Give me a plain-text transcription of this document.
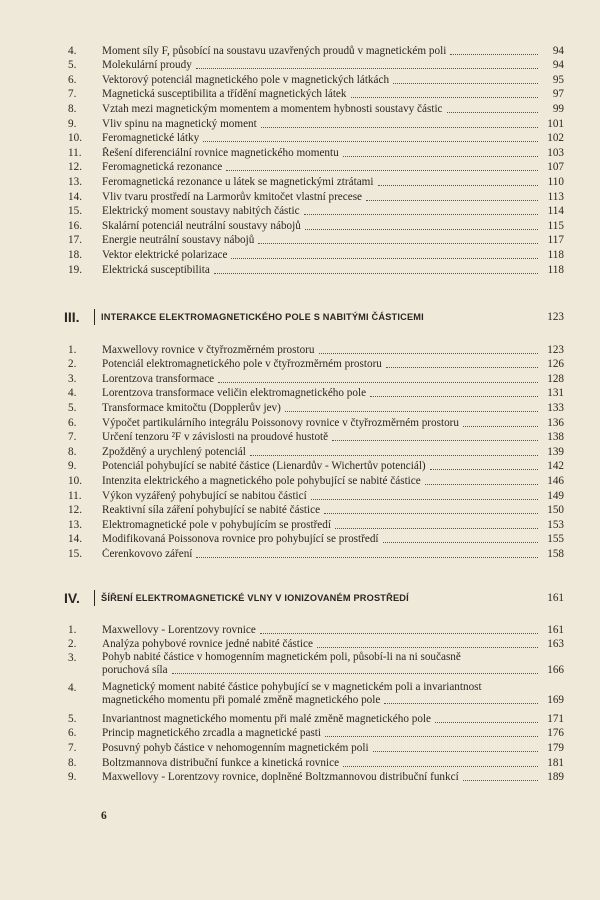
4.	Moment síly F, působící na soustavu uzavřených proudů v magnetickém poli	94
5.	Molekulární proudy	94
6.	Vektorový potenciál magnetického pole v magnetických látkách	95
7.	Magnetická susceptibilita a třídění magnetických látek	97
8.	Vztah mezi magnetickým momentem a momentem hybnosti soustavy částic	99
9.	Vliv spinu na magnetický moment	101
10.	Feromagnetické látky	102
11.	Řešení diferenciální rovnice magnetického momentu	103
12.	Feromagnetická rezonance	107
13.	Feromagnetická rezonance u látek se magnetickými ztrátami	110
14.	Vliv tvaru prostředí na Larmorův kmitočet vlastní precese	113
15.	Elektrický moment soustavy nabitých částic	114
16.	Skalární potenciál neutrální soustavy nábojů	115
17.	Energie neutrální soustavy nábojů	117
18.	Vektor elektrické polarizace	118
19.	Elektrická susceptibilita	118
III.	INTERAKCE ELEKTROMAGNETICKÉHO POLE S NABITÝMI ČÁSTICEMI	123
1.	Maxwellovy rovnice v čtyřrozměrném prostoru	123
2.	Potenciál elektromagnetického pole v čtyřrozměrném prostoru	126
3.	Lorentzova transformace	128
4.	Lorentzova transformace veličin elektromagnetického pole	131
5.	Transformace kmitočtu (Dopplerův jev)	133
6.	Výpočet partikulárního integrálu Poissonovy rovnice v čtyřrozměrném prostoru	136
7.	Určení tenzoru ²F v závislosti na proudové hustotě	138
8.	Zpožděný a urychlený potenciál	139
9.	Potenciál pohybující se nabité částice (Lienardův - Wichertův potenciál)	142
10.	Intenzita elektrického a magnetického pole pohybující se nabité částice	146
11.	Výkon vyzářený pohybující se nabitou částicí	149
12.	Reaktivní síla záření pohybující se nabité částice	150
13.	Elektromagnetické pole v pohybujícím se prostředí	153
14.	Modifikovaná Poissonova rovnice pro pohybující se prostředí	155
15.	Čerenkovovo záření	158
IV.	ŠÍŘENÍ ELEKTROMAGNETICKÉ VLNY V IONIZOVANÉM PROSTŘEDÍ	161
1.	Maxwellovy - Lorentzovy rovnice	161
2.	Analýza pohybové rovnice jedné nabité částice	163
3.	Pohyb nabité částice v homogenním magnetickém poli, působí-li na ni současně
poruchová síla	166
4.	Magnetický moment nabité částice pohybující se v magnetickém poli a invariantnost
magnetického momentu při pomalé změně magnetického pole	169
5.	Invariantnost magnetického momentu při malé změně magnetického pole	171
6.	Princip magnetického zrcadla a magnetické pasti	176
7.	Posuvný pohyb částice v nehomogenním magnetickém poli	179
8.	Boltzmannova distribuční funkce a kinetická rovnice	181
9.	Maxwellovy - Lorentzovy rovnice, doplněné Boltzmannovou distribuční funkcí	189
6
